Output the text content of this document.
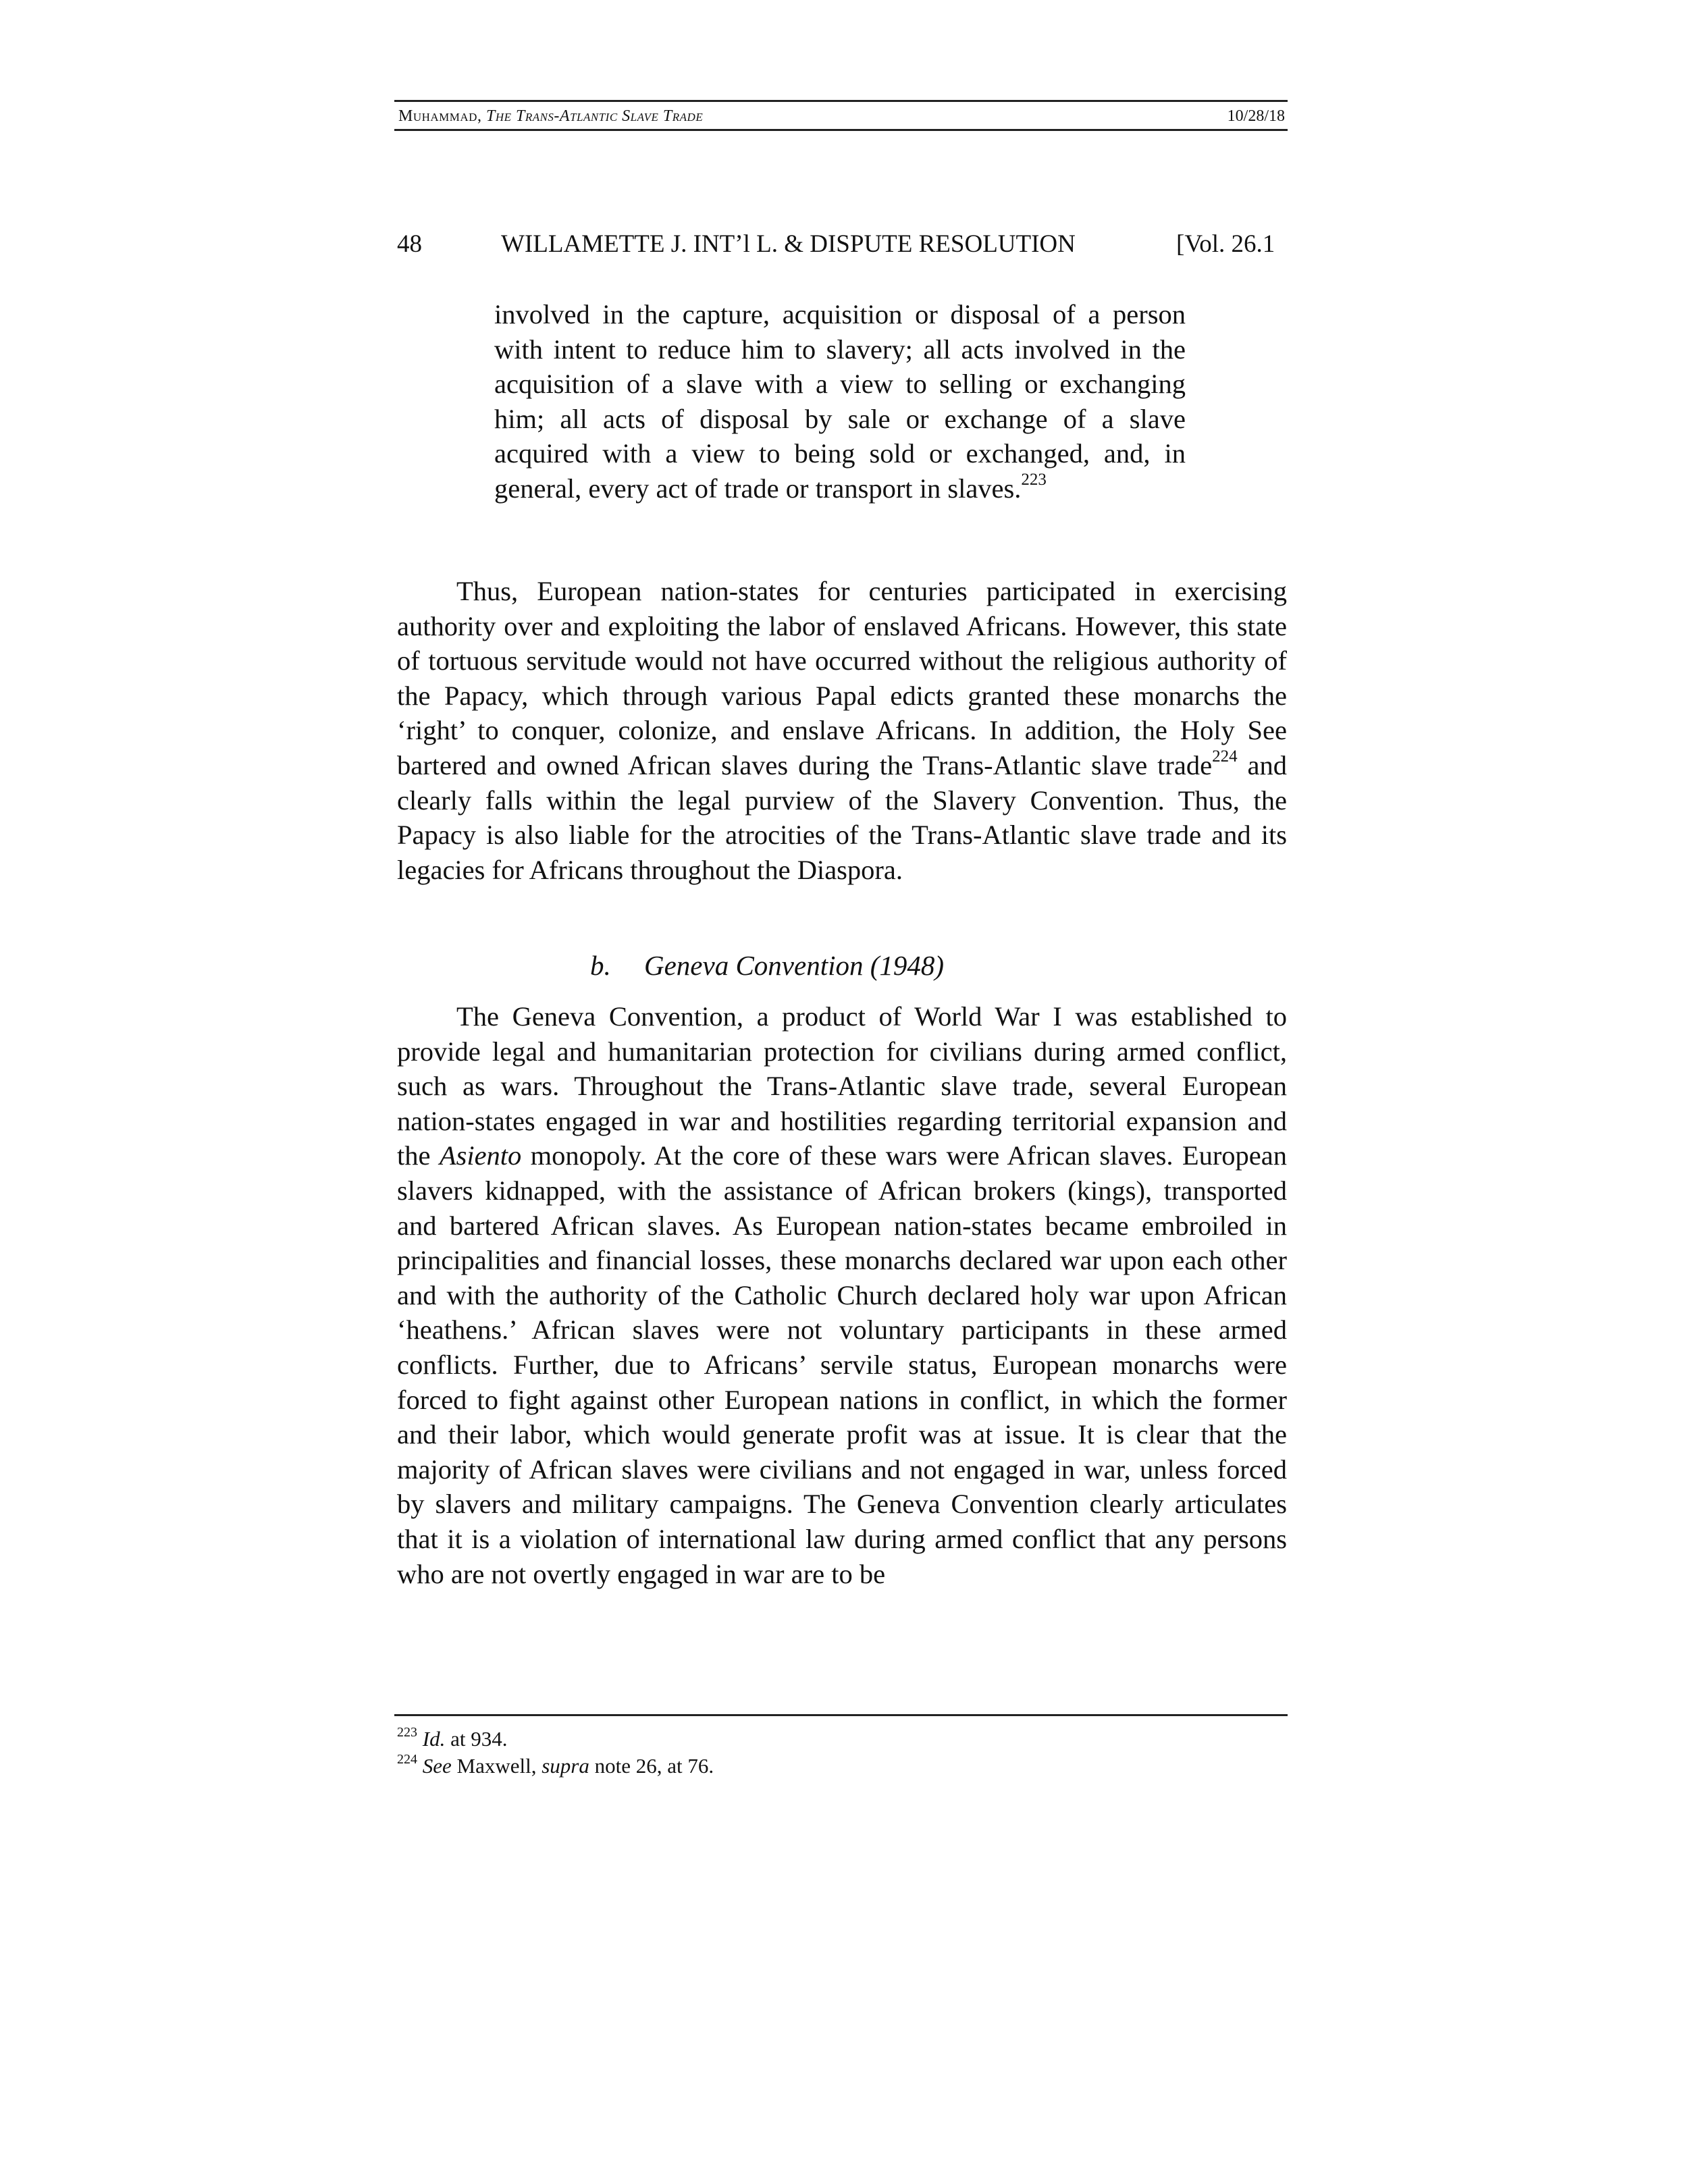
Muhammad, The Trans-Atlantic Slave Trade	10/28/18
48	WILLAMETTE J. INT’l L. & DISPUTE RESOLUTION	[Vol. 26.1
involved in the capture, acquisition or disposal of a person with intent to reduce him to slavery; all acts involved in the acquisition of a slave with a view to selling or exchanging him; all acts of disposal by sale or exchange of a slave acquired with a view to being sold or exchanged, and, in general, every act of trade or transport in slaves.$^{223}$

Thus, European nation-states for centuries participated in exercising authority over and exploiting the labor of enslaved Africans. However, this state of tortuous servitude would not have occurred without the religious authority of the Papacy, which through various Papal edicts granted these monarchs the ‘right’ to conquer, colonize, and enslave Africans. In addition, the Holy See bartered and owned African slaves during the Trans-Atlantic slave trade$^{224}$ and clearly falls within the legal purview of the Slavery Convention. Thus, the Papacy is also liable for the atrocities of the Trans-Atlantic slave trade and its legacies for Africans throughout the Diaspora.

b. Geneva Convention (1948)

The Geneva Convention, a product of World War I was established to provide legal and humanitarian protection for civilians during armed conflict, such as wars. Throughout the Trans-Atlantic slave trade, several European nation-states engaged in war and hostilities regarding territorial expansion and the Asiento monopoly. At the core of these wars were African slaves. European slavers kidnapped, with the assistance of African brokers (kings), transported and bartered African slaves. As European nation-states became embroiled in principalities and financial losses, these monarchs declared war upon each other and with the authority of the Catholic Church declared holy war upon African ‘heathens.’ African slaves were not voluntary participants in these armed conflicts. Further, due to Africans’ servile status, European monarchs were forced to fight against other European nations in conflict, in which the former and their labor, which would generate profit was at issue. It is clear that the majority of African slaves were civilians and not engaged in war, unless forced by slavers and military campaigns. The Geneva Convention clearly articulates that it is a violation of international law during armed conflict that any persons who are not overtly engaged in war are to be

$^{223}$ Id. at 934.
$^{224}$ See Maxwell, supra note 26, at 76.
